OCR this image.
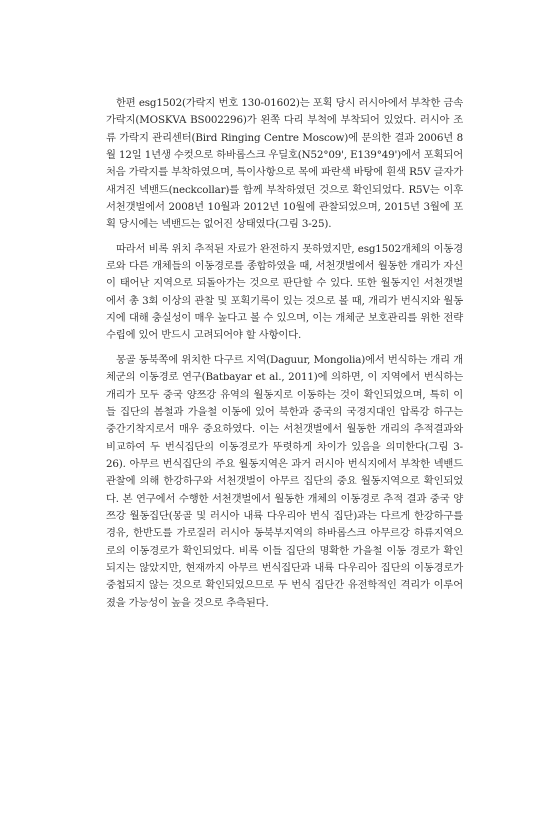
한편 esg1502(가락지 번호 130-01602)는 포획 당시 러시아에서 부착한 금속가락지(MOSKVA BS002296)가 왼쪽 다리 부척에 부착되어 있었다. 러시아 조류 가락지 관리센터(Bird Ringing Centre Moscow)에 문의한 결과 2006년 8월 12일 1년생 수컷으로 하바롭스크 우딜호(N52°09', E139°49')에서 포획되어 처음 가락지를 부착하였으며, 특이사항으로 목에 파란색 바탕에 흰색 R5V 글자가 새겨진 넥밴드(neckcollar)를 함께 부착하였던 것으로 확인되었다. R5V는 이후 서천갯벌에서 2008년 10월과 2012년 10월에 관찰되었으며, 2015년 3월에 포획 당시에는 넥밴드는 없어진 상태였다(그림 3-25).

따라서 비록 위치 추적된 자료가 완전하지 못하였지만, esg1502개체의 이동경로와 다른 개체들의 이동경로를 종합하였을 때, 서천갯벌에서 월동한 개리가 자신이 태어난 지역으로 되돌아가는 것으로 판단할 수 있다. 또한 월동지인 서천갯벌에서 총 3회 이상의 관찰 및 포획기록이 있는 것으로 볼 때, 개리가 번식지와 월동지에 대해 충실성이 매우 높다고 볼 수 있으며, 이는 개체군 보호관리를 위한 전략 수립에 있어 반드시 고려되어야 할 사항이다.

몽골 동북쪽에 위치한 다구르 지역(Daguur, Mongolia)에서 번식하는 개리 개체군의 이동경로 연구(Batbayar et al., 2011)에 의하면, 이 지역에서 번식하는 개리가 모두 중국 양쯔강 유역의 월동지로 이동하는 것이 확인되었으며, 특히 이들 집단의 봄철과 가을철 이동에 있어 북한과 중국의 국경지대인 압록강 하구는 중간기착지로서 매우 중요하였다. 이는 서천갯벌에서 월동한 개리의 추적결과와 비교하여 두 번식집단의 이동경로가 뚜렷하게 차이가 있음을 의미한다(그림 3-26). 아무르 번식집단의 주요 월동지역은 과거 러시아 번식지에서 부착한 넥밴드 관찰에 의해 한강하구와 서천갯벌이 아무르 집단의 중요 월동지역으로 확인되었다. 본 연구에서 수행한 서천갯벌에서 월동한 개체의 이동경로 추적 결과 중국 양쯔강 월동집단(몽골 및 러시아 내륙 다우리아 번식 집단)과는 다르게 한강하구를 경유, 한반도를 가로질러 러시아 동북부지역의 하바롭스크 아무르강 하류지역으로의 이동경로가 확인되었다. 비록 이들 집단의 명확한 가을철 이동 경로가 확인되지는 않았지만, 현재까지 아무르 번식집단과 내륙 다우리아 집단의 이동경로가 중첩되지 않는 것으로 확인되었으므로 두 번식 집단간 유전학적인 격리가 이루어졌을 가능성이 높을 것으로 추측된다.
